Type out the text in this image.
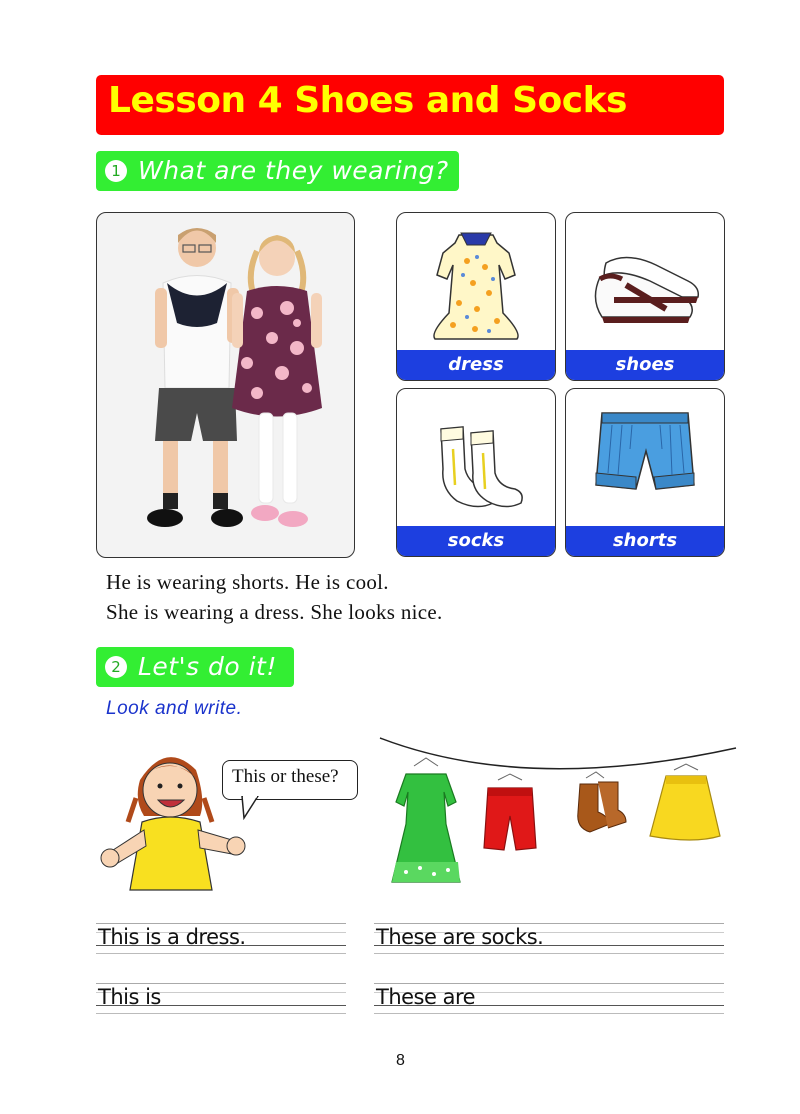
Lesson 4 Shoes and Socks
1 What are they wearing?
dress	shoes
socks	shorts
He is wearing shorts. He is cool.
She is wearing a dress. She looks nice.
2 Let's do it!
Look and write.
This or these?
This is a dress.
This is
These are socks.
These are
8
